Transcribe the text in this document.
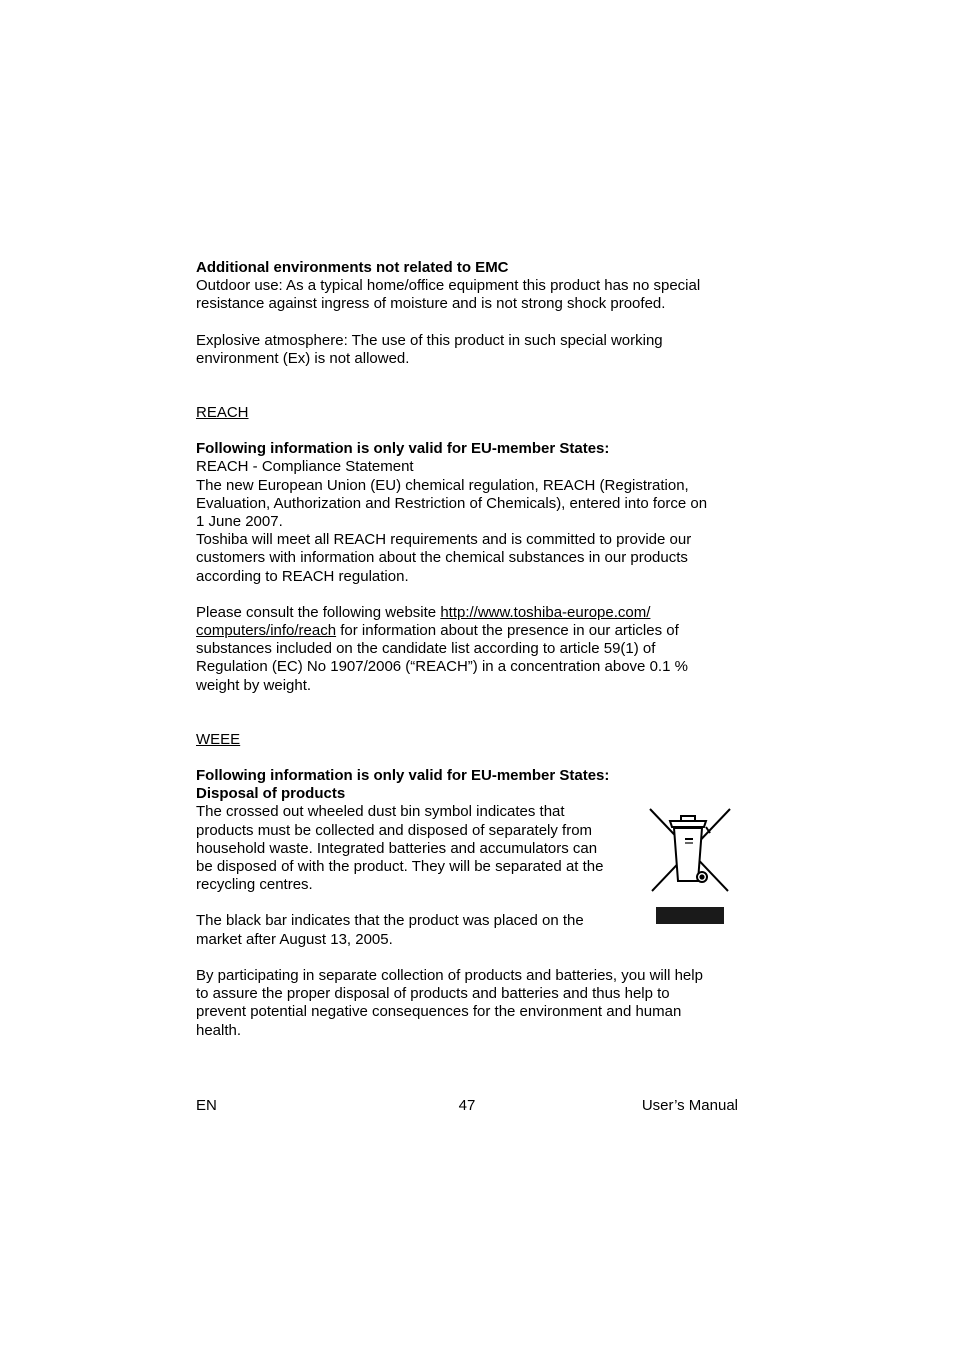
Additional environments not related to EMC

Outdoor use: As a typical home/office equipment this product has no special

resistance against ingress of moisture and is not strong shock proofed.

Explosive atmosphere: The use of this product in such special working

environment (Ex) is not allowed.

REACH

Following information is only valid for EU-member States:

REACH - Compliance Statement

The new European Union (EU) chemical regulation, REACH (Registration,

Evaluation, Authorization and Restriction of Chemicals), entered into force on

1 June 2007.

Toshiba will meet all REACH requirements and is committed to provide our

customers with information about the chemical substances in our products

according to REACH regulation.

Please consult the following website http://www.toshiba-europe.com/

computers/info/reach for information about the presence in our articles of

substances included on the candidate list according to article 59(1) of

Regulation (EC) No 1907/2006 (“REACH”) in a concentration above 0.1 %

weight by weight.

WEEE

Following information is only valid for EU-member States:

Disposal of products

The crossed out wheeled dust bin symbol indicates that

products must be collected and disposed of separately from

household waste. Integrated batteries and accumulators can

be disposed of with the product. They will be separated at the

recycling centres.

The black bar indicates that the product was placed on the

market after August 13, 2005.

By participating in separate collection of products and batteries, you will help

to assure the proper disposal of products and batteries and thus help to

prevent potential negative consequences for the environment and human

health.

EN	47	User’s Manual
